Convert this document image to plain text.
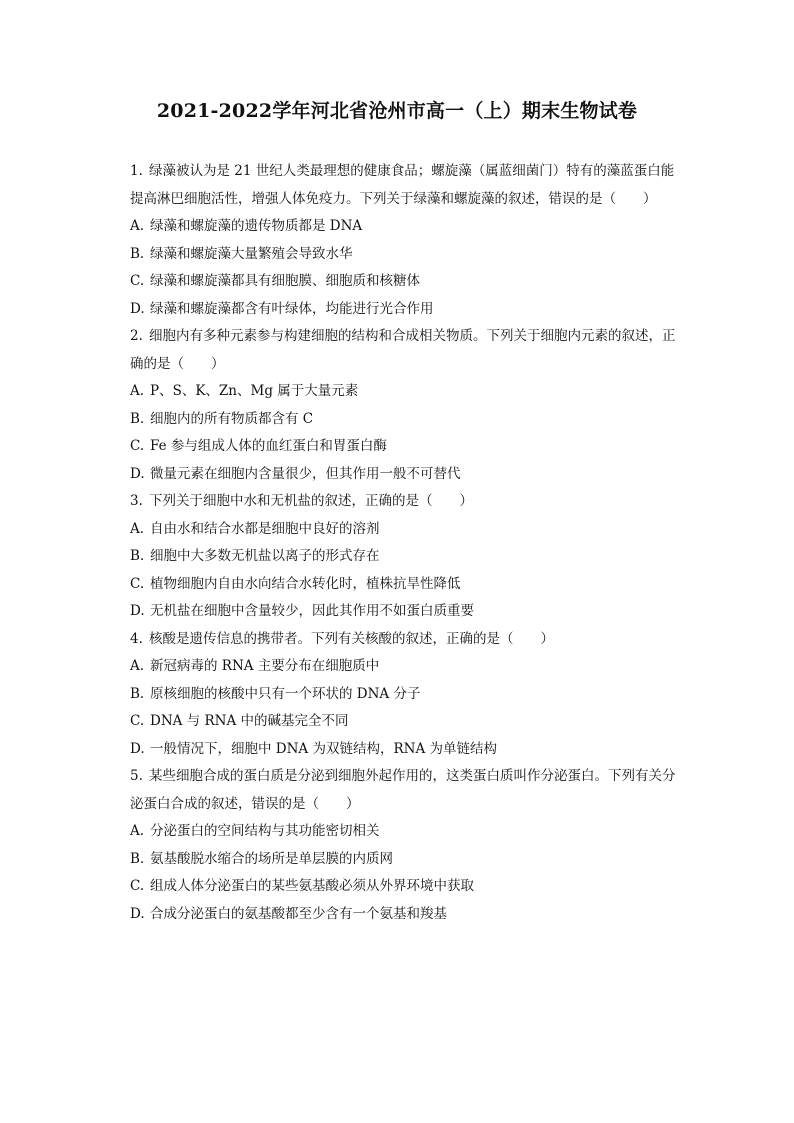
2021-2022学年河北省沧州市高一（上）期末生物试卷
1. 绿藻被认为是 21 世纪人类最理想的健康食品；螺旋藻（属蓝细菌门）特有的藻蓝蛋白能
提高淋巴细胞活性，增强人体免疫力。下列关于绿藻和螺旋藻的叙述，错误的是（　　）
A. 绿藻和螺旋藻的遗传物质都是 DNA
B. 绿藻和螺旋藻大量繁殖会导致水华
C. 绿藻和螺旋藻都具有细胞膜、细胞质和核糖体
D. 绿藻和螺旋藻都含有叶绿体，均能进行光合作用
2. 细胞内有多种元素参与构建细胞的结构和合成相关物质。下列关于细胞内元素的叙述，正
确的是（　　）
A. P、S、K、Zn、Mg 属于大量元素
B. 细胞内的所有物质都含有 C
C. Fe 参与组成人体的血红蛋白和胃蛋白酶
D. 微量元素在细胞内含量很少，但其作用一般不可替代
3. 下列关于细胞中水和无机盐的叙述，正确的是（　　）
A. 自由水和结合水都是细胞中良好的溶剂
B. 细胞中大多数无机盐以离子的形式存在
C. 植物细胞内自由水向结合水转化时，植株抗旱性降低
D. 无机盐在细胞中含量较少，因此其作用不如蛋白质重要
4. 核酸是遗传信息的携带者。下列有关核酸的叙述，正确的是（　　）
A. 新冠病毒的 RNA 主要分布在细胞质中
B. 原核细胞的核酸中只有一个环状的 DNA 分子
C. DNA 与 RNA 中的碱基完全不同
D. 一般情况下，细胞中 DNA 为双链结构，RNA 为单链结构
5. 某些细胞合成的蛋白质是分泌到细胞外起作用的，这类蛋白质叫作分泌蛋白。下列有关分
泌蛋白合成的叙述，错误的是（　　）
A. 分泌蛋白的空间结构与其功能密切相关
B. 氨基酸脱水缩合的场所是单层膜的内质网
C. 组成人体分泌蛋白的某些氨基酸必须从外界环境中获取
D. 合成分泌蛋白的氨基酸都至少含有一个氨基和羧基
